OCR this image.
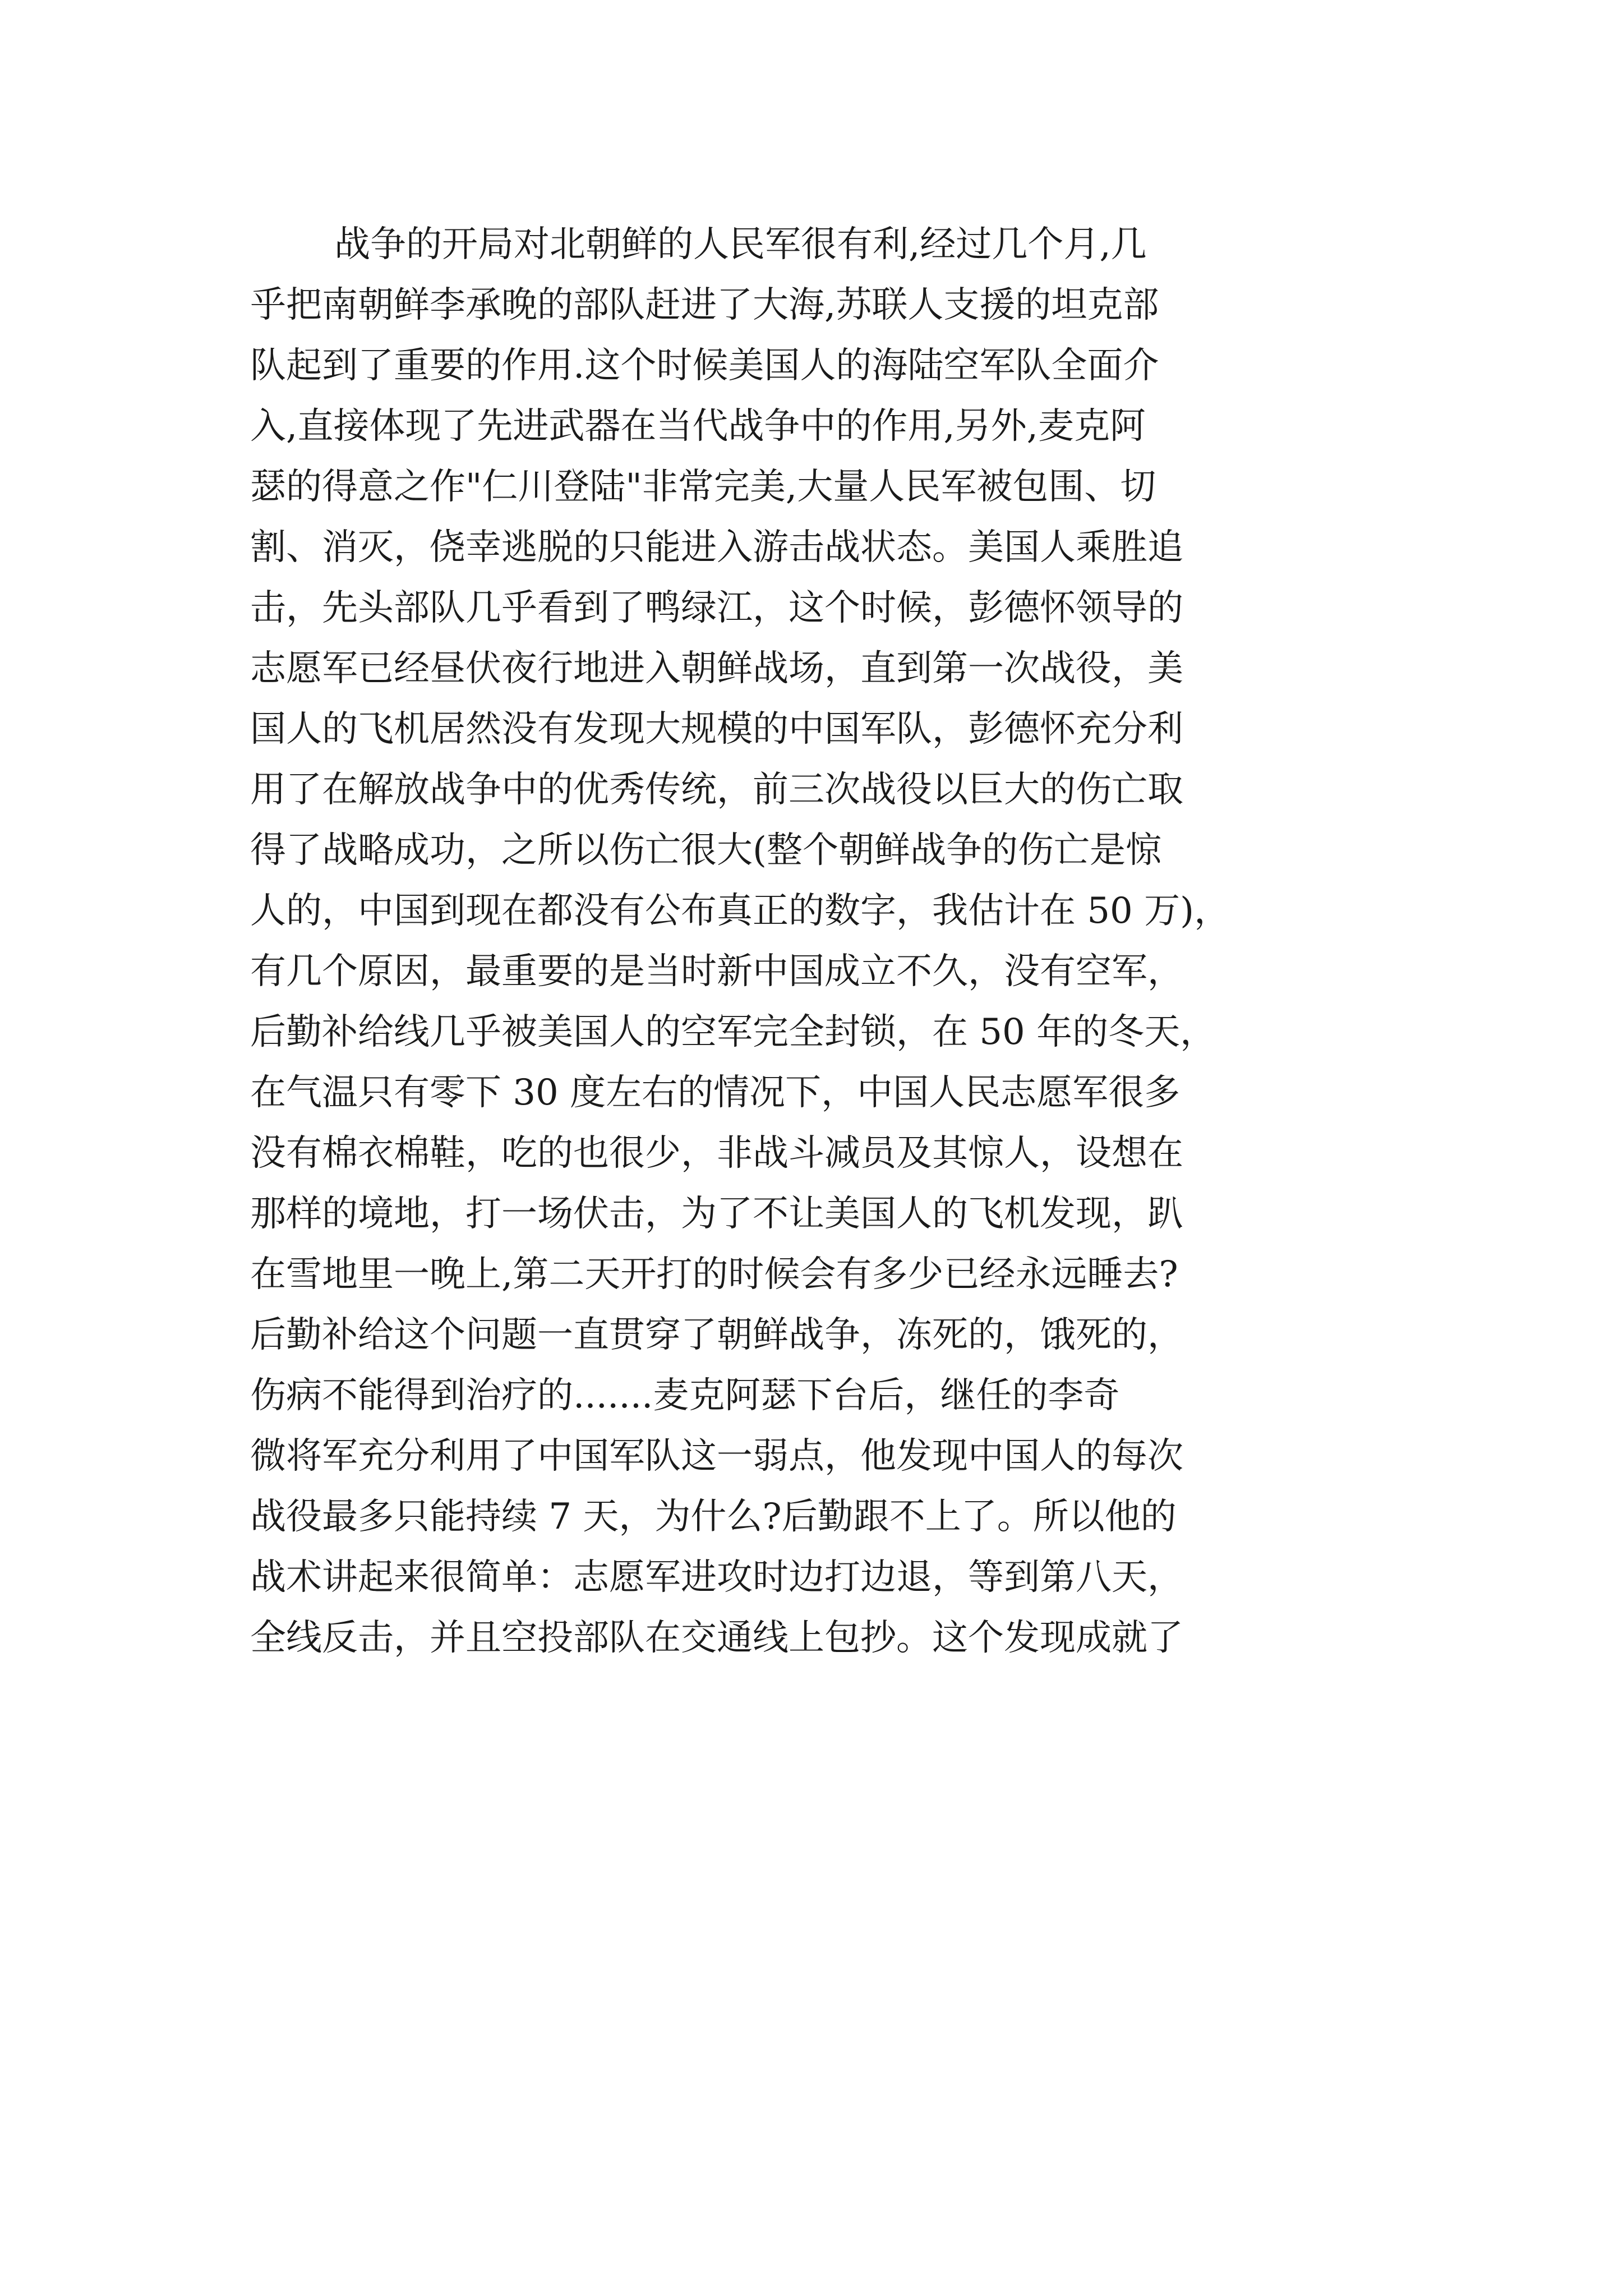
战争的开局对北朝鲜的人民军很有利,经过几个月,几
乎把南朝鲜李承晚的部队赶进了大海,苏联人支援的坦克部
队起到了重要的作用.这个时候美国人的海陆空军队全面介
入,直接体现了先进武器在当代战争中的作用,另外,麦克阿
瑟的得意之作"仁川登陆"非常完美,大量人民军被包围、切
割、消灭，侥幸逃脱的只能进入游击战状态。美国人乘胜追
击，先头部队几乎看到了鸭绿江，这个时候，彭德怀领导的
志愿军已经昼伏夜行地进入朝鲜战场，直到第一次战役，美
国人的飞机居然没有发现大规模的中国军队，彭德怀充分利
用了在解放战争中的优秀传统，前三次战役以巨大的伤亡取
得了战略成功，之所以伤亡很大(整个朝鲜战争的伤亡是惊
人的，中国到现在都没有公布真正的数字，我估计在 50 万)，
有几个原因，最重要的是当时新中国成立不久，没有空军，
后勤补给线几乎被美国人的空军完全封锁，在 50 年的冬天，
在气温只有零下 30 度左右的情况下，中国人民志愿军很多
没有棉衣棉鞋，吃的也很少，非战斗减员及其惊人，设想在
那样的境地，打一场伏击，为了不让美国人的飞机发现，趴
在雪地里一晚上,第二天开打的时候会有多少已经永远睡去?
后勤补给这个问题一直贯穿了朝鲜战争，冻死的，饿死的，
伤病不能得到治疗的.......麦克阿瑟下台后，继任的李奇
微将军充分利用了中国军队这一弱点，他发现中国人的每次
战役最多只能持续 7 天，为什么?后勤跟不上了。所以他的
战术讲起来很简单：志愿军进攻时边打边退，等到第八天，
全线反击，并且空投部队在交通线上包抄。这个发现成就了
